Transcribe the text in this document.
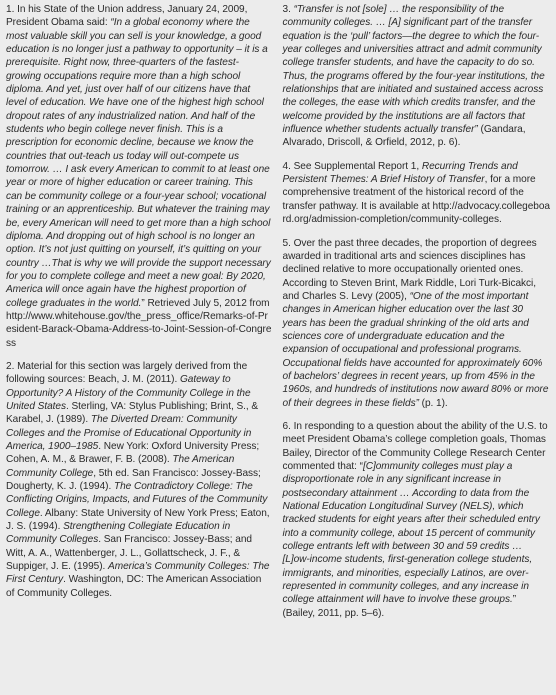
1. In his State of the Union address, January 24, 2009, President Obama said: “In a global economy where the most valuable skill you can sell is your knowledge, a good education is no longer just a pathway to opportunity – it is a prerequisite. Right now, three-quarters of the fastest-growing occupations require more than a high school diploma. And yet, just over half of our citizens have that level of education. We have one of the highest high school dropout rates of any industrialized nation. And half of the students who begin college never finish. This is a prescription for economic decline, because we know the countries that out-teach us today will out-compete us tomorrow. … I ask every American to commit to at least one year or more of higher education or career training. This can be community college or a four-year school; vocational training or an apprenticeship. But whatever the training may be, every American will need to get more than a high school diploma. And dropping out of high school is no longer an option. It’s not just quitting on yourself, it’s quitting on your country …That is why we will provide the support necessary for you to complete college and meet a new goal: By 2020, America will once again have the highest proportion of college graduates in the world.” Retrieved July 5, 2012 from http://www.whitehouse.gov/the_press_office/Remarks-of-President-Barack-Obama-Address-to-Joint-Session-of-Congress

2. Material for this section was largely derived from the following sources: Beach, J. M. (2011). Gateway to Opportunity? A History of the Community College in the United States. Sterling, VA: Stylus Publishing; Brint, S., & Karabel, J. (1989). The Diverted Dream: Community Colleges and the Promise of Educational Opportunity in America, 1900–1985. New York: Oxford University Press; Cohen, A. M., & Brawer, F. B. (2008). The American Community College, 5th ed. San Francisco: Jossey-Bass; Dougherty, K. J. (1994). The Contradictory College: The Conflicting Origins, Impacts, and Futures of the Community College. Albany: State University of New York Press; Eaton, J. S. (1994). Strengthening Collegiate Education in Community Colleges. San Francisco: Jossey-Bass; and Witt, A. A., Wattenberger, J. L., Gollattscheck, J. F., & Suppiger, J. E. (1995). America’s Community Colleges: The First Century. Washington, DC: The American Association of Community Colleges.

3. “Transfer is not [sole] … the responsibility of the community colleges. … [A] significant part of the transfer equation is the ‘pull’ factors—the degree to which the four-year colleges and universities attract and admit community college transfer students, and have the capacity to do so. Thus, the programs offered by the four-year institutions, the relationships that are initiated and sustained access across the colleges, the ease with which credits transfer, and the welcome provided by the institutions are all factors that influence whether students actually transfer” (Gandara, Alvarado, Driscoll, & Orfield, 2012, p. 6).

4. See Supplemental Report 1, Recurring Trends and Persistent Themes: A Brief History of Transfer, for a more comprehensive treatment of the historical record of the transfer pathway. It is available at http://advocacy.collegeboard.org/admission-completion/community-colleges.

5. Over the past three decades, the proportion of degrees awarded in traditional arts and sciences disciplines has declined relative to more occupationally oriented ones. According to Steven Brint, Mark Riddle, Lori Turk-Bicakci, and Charles S. Levy (2005), “One of the most important changes in American higher education over the last 30 years has been the gradual shrinking of the old arts and sciences core of undergraduate education and the expansion of occupational and professional programs. Occupational fields have accounted for approximately 60% of bachelors’ degrees in recent years, up from 45% in the 1960s, and hundreds of institutions now award 80% or more of their degrees in these fields” (p. 1).

6. In responding to a question about the ability of the U.S. to meet President Obama’s college completion goals, Thomas Bailey, Director of the Community College Research Center commented that: “[C]ommunity colleges must play a disproportionate role in any significant increase in postsecondary attainment … According to data from the National Education Longitudinal Survey (NELS), which tracked students for eight years after their scheduled entry into a community college, about 15 percent of community college entrants left with between 30 and 59 credits … [L]ow-income students, first-generation college students, immigrants, and minorities, especially Latinos, are over-represented in community colleges, and any increase in college attainment will have to involve these groups.” (Bailey, 2011, pp. 5–6).
